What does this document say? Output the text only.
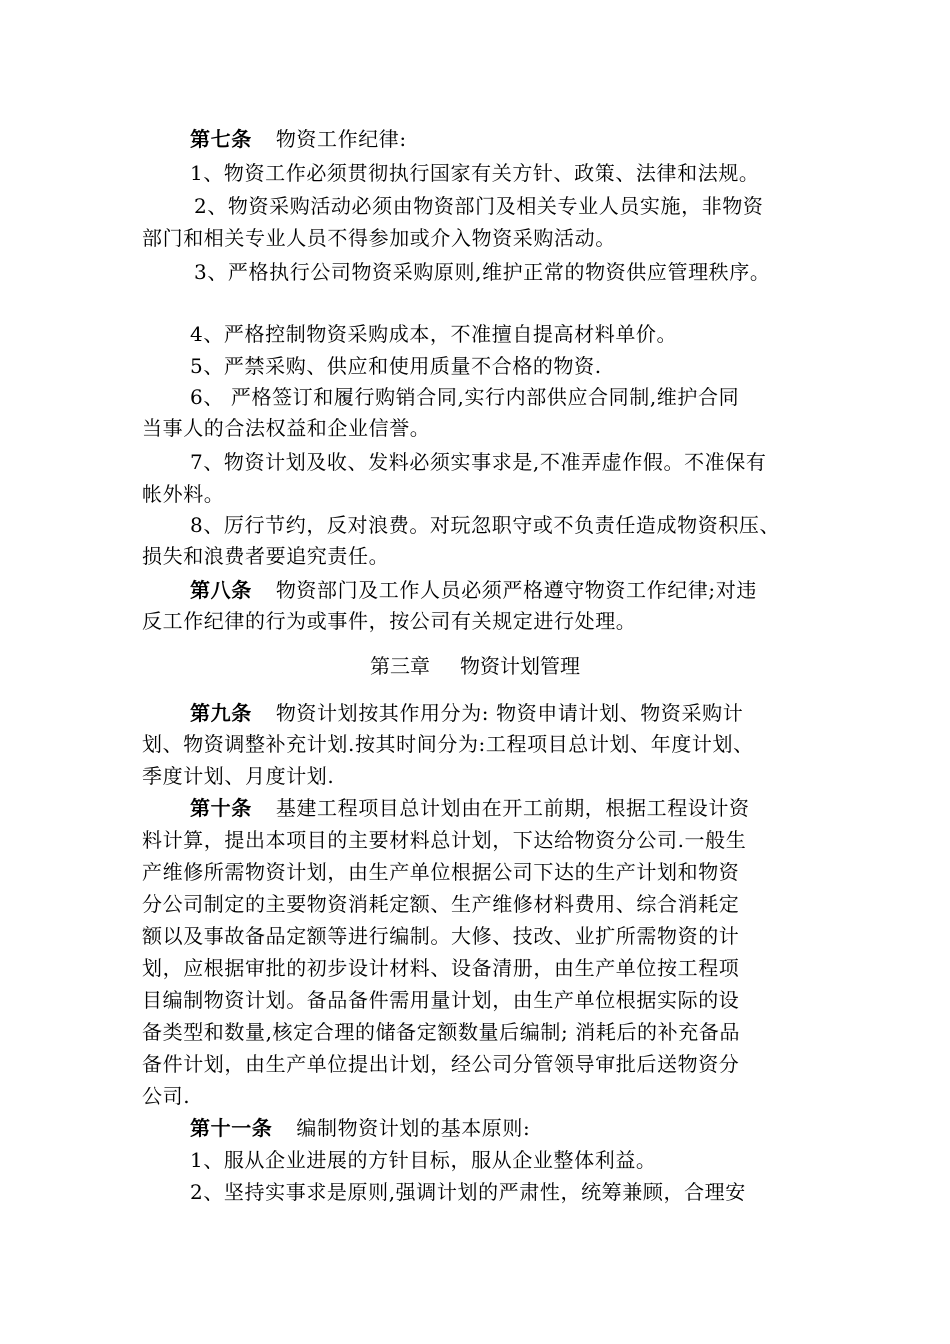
第七条 物资工作纪律:
1、物资工作必须贯彻执行国家有关方针、政策、法律和法规。
2、物资采购活动必须由物资部门及相关专业人员实施，非物资
部门和相关专业人员不得参加或介入物资采购活动。
3、严格执行公司物资采购原则,维护正常的物资供应管理秩序。
4、严格控制物资采购成本，不准擅自提高材料单价。
5、严禁采购、供应和使用质量不合格的物资.
6、 严格签订和履行购销合同,实行内部供应合同制,维护合同
当事人的合法权益和企业信誉。
7、物资计划及收、发料必须实事求是,不准弄虚作假。不准保有
帐外料。
8、厉行节约，反对浪费。对玩忽职守或不负责任造成物资积压、
损失和浪费者要追究责任。
第八条 物资部门及工作人员必须严格遵守物资工作纪律;对违
反工作纪律的行为或事件，按公司有关规定进行处理。
第三章 物资计划管理
第九条 物资计划按其作用分为: 物资申请计划、物资采购计
划、物资调整补充计划.按其时间分为:工程项目总计划、年度计划、
季度计划、月度计划.
第十条 基建工程项目总计划由在开工前期，根据工程设计资
料计算，提出本项目的主要材料总计划，下达给物资分公司.一般生
产维修所需物资计划，由生产单位根据公司下达的生产计划和物资
分公司制定的主要物资消耗定额、生产维修材料费用、综合消耗定
额以及事故备品定额等进行编制。大修、技改、业扩所需物资的计
划，应根据审批的初步设计材料、设备清册，由生产单位按工程项
目编制物资计划。备品备件需用量计划，由生产单位根据实际的设
备类型和数量,核定合理的储备定额数量后编制; 消耗后的补充备品
备件计划，由生产单位提出计划，经公司分管领导审批后送物资分
公司.
第十一条 编制物资计划的基本原则:
1、服从企业进展的方针目标，服从企业整体利益。
2、坚持实事求是原则,强调计划的严肃性，统筹兼顾，合理安
